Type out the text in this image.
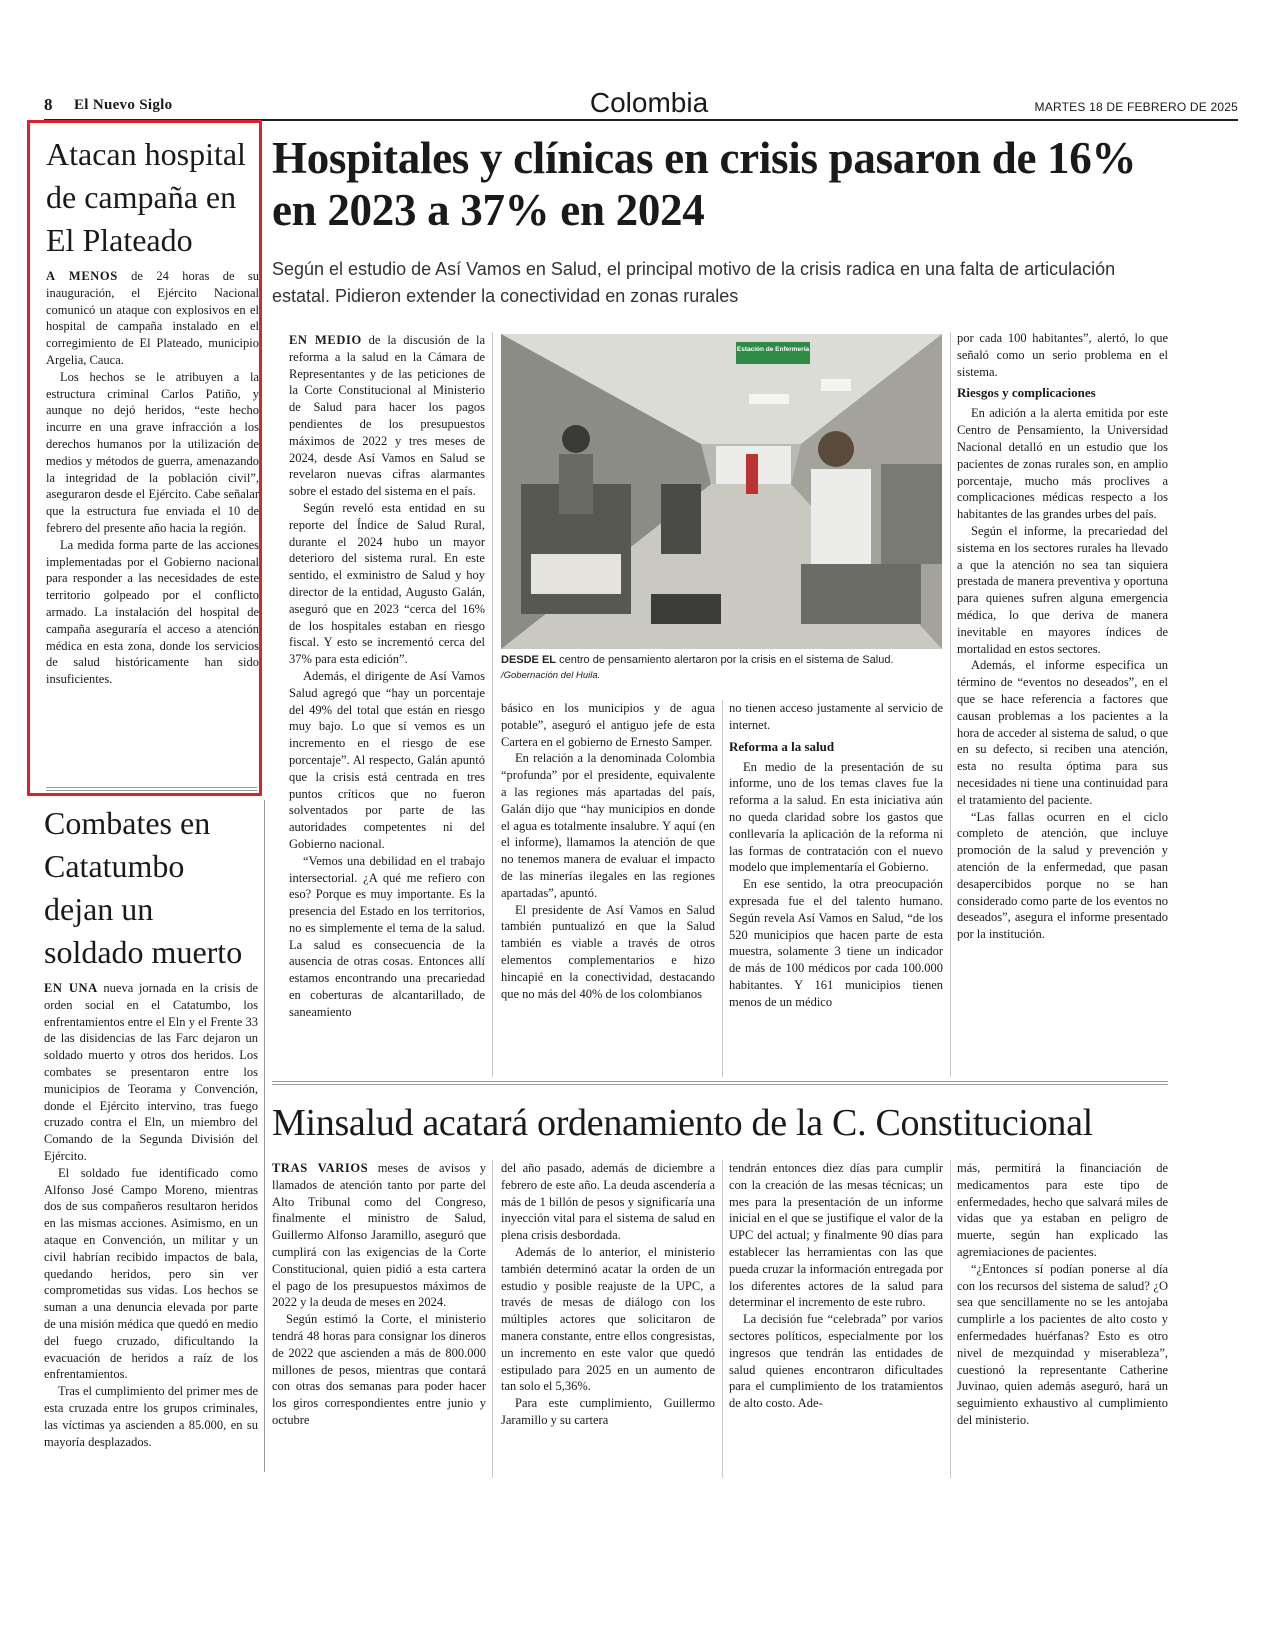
8 El Nuevo Siglo	Colombia	MARTES 18 DE FEBRERO DE 2025
Atacan hospital de campaña en El Plateado

A MENOS de 24 horas de su inauguración, el Ejército Nacional comunicó un ataque con explosivos en el hospital de campaña instalado en el corregimiento de El Plateado, municipio Argelia, Cauca.

Los hechos se le atribuyen a la estructura criminal Carlos Patiño, y aunque no dejó heridos, “este hecho incurre en una grave infracción a los derechos humanos por la utilización de medios y métodos de guerra, amenazando la integridad de la población civil”, aseguraron desde el Ejército. Cabe señalar que la estructura fue enviada el 10 de febrero del presente año hacia la región.

La medida forma parte de las acciones implementadas por el Gobierno nacional para responder a las necesidades de este territorio golpeado por el conflicto armado. La instalación del hospital de campaña aseguraría el acceso a atención médica en esta zona, donde los servicios de salud históricamente han sido insuficientes.

Combates en Catatumbo dejan un soldado muerto

EN UNA nueva jornada en la crisis de orden social en el Catatumbo, los enfrentamientos entre el Eln y el Frente 33 de las disidencias de las Farc dejaron un soldado muerto y otros dos heridos. Los combates se presentaron entre los municipios de Teorama y Convención, donde el Ejército intervino, tras fuego cruzado contra el Eln, un miembro del Comando de la Segunda División del Ejército.

El soldado fue identificado como Alfonso José Campo Moreno, mientras dos de sus compañeros resultaron heridos en las mismas acciones. Asimismo, en un ataque en Convención, un militar y un civil habrían recibido impactos de bala, quedando heridos, pero sin ver comprometidas sus vidas. Los hechos se suman a una denuncia elevada por parte de una misión médica que quedó en medio del fuego cruzado, dificultando la evacuación de heridos a raíz de los enfrentamientos.

Tras el cumplimiento del primer mes de esta cruzada entre los grupos criminales, las víctimas ya ascienden a 85.000, en su mayoría desplazados.

Hospitales y clínicas en crisis pasaron de 16% en 2023 a 37% en 2024
Según el estudio de Así Vamos en Salud, el principal motivo de la crisis radica en una falta de articulación estatal. Pidieron extender la conectividad en zonas rurales

EN MEDIO de la discusión de la reforma a la salud en la Cámara de Representantes y de las peticiones de la Corte Constitucional al Ministerio de Salud para hacer los pagos pendientes de los presupuestos máximos de 2022 y tres meses de 2024, desde Así Vamos en Salud se revelaron nuevas cifras alarmantes sobre el estado del sistema en el país.

Según reveló esta entidad en su reporte del Índice de Salud Rural, durante el 2024 hubo un mayor deterioro del sistema rural. En este sentido, el exministro de Salud y hoy director de la entidad, Augusto Galán, aseguró que en 2023 “cerca del 16% de los hospitales estaban en riesgo fiscal. Y esto se incrementó cerca del 37% para esta edición”.

Además, el dirigente de Así Vamos Salud agregó que “hay un porcentaje del 49% del total que están en riesgo muy bajo. Lo que sí vemos es un incremento en el riesgo de ese porcentaje”. Al respecto, Galán apuntó que la crisis está centrada en tres puntos críticos que no fueron solventados por parte de las autoridades competentes ni del Gobierno nacional.

“Vemos una debilidad en el trabajo intersectorial. ¿A qué me refiero con eso? Porque es muy importante. Es la presencia del Estado en los territorios, no es simplemente el tema de la salud. La salud es consecuencia de la ausencia de otras cosas. Entonces allí estamos encontrando una precariedad en coberturas de alcantarillado, de saneamiento

Estación de Enfermería
DESDE EL centro de pensamiento alertaron por la crisis en el sistema de Salud.
/Gobernación del Huila.

básico en los municipios y de agua potable”, aseguró el antiguo jefe de esta Cartera en el gobierno de Ernesto Samper.

En relación a la denominada Colombia “profunda” por el presidente, equivalente a las regiones más apartadas del país, Galán dijo que “hay municipios en donde el agua es totalmente insalubre. Y aquí (en el informe), llamamos la atención de que no tenemos manera de evaluar el impacto de las minerías ilegales en las regiones apartadas”, apuntó.

El presidente de Así Vamos en Salud también puntualizó en que la Salud también es viable a través de otros elementos complementarios e hizo hincapié en la conectividad, destacando que no más del 40% de los colombianos

no tienen acceso justamente al servicio de internet.

Reforma a la salud

En medio de la presentación de su informe, uno de los temas claves fue la reforma a la salud. En esta iniciativa aún no queda claridad sobre los gastos que conllevaría la aplicación de la reforma ni las formas de contratación con el nuevo modelo que implementaría el Gobierno.

En ese sentido, la otra preocupación expresada fue el del talento humano. Según revela Así Vamos en Salud, “de los 520 municipios que hacen parte de esta muestra, solamente 3 tiene un indicador de más de 100 médicos por cada 100.000 habitantes. Y 161 municipios tienen menos de un médico

por cada 100 habitantes”, alertó, lo que señaló como un serio problema en el sistema.

Riesgos y complicaciones

En adición a la alerta emitida por este Centro de Pensamiento, la Universidad Nacional detalló en un estudio que los pacientes de zonas rurales son, en amplio porcentaje, mucho más proclives a complicaciones médicas respecto a los habitantes de las grandes urbes del país.

Según el informe, la precariedad del sistema en los sectores rurales ha llevado a que la atención no sea tan siquiera prestada de manera preventiva y oportuna para quienes sufren alguna emergencia médica, lo que deriva de manera inevitable en mayores índices de mortalidad en estos sectores.

Además, el informe especifica un término de “eventos no deseados”, en el que se hace referencia a factores que causan problemas a los pacientes a la hora de acceder al sistema de salud, o que en su defecto, si reciben una atención, esta no resulta óptima para sus necesidades ni tiene una continuidad para el tratamiento del paciente.

“Las fallas ocurren en el ciclo completo de atención, que incluye promoción de la salud y prevención y atención de la enfermedad, que pasan desapercibidos porque no se han considerado como parte de los eventos no deseados”, asegura el informe presentado por la institución.

Minsalud acatará ordenamiento de la C. Constitucional

TRAS VARIOS meses de avisos y llamados de atención tanto por parte del Alto Tribunal como del Congreso, finalmente el ministro de Salud, Guillermo Alfonso Jaramillo, aseguró que cumplirá con las exigencias de la Corte Constitucional, quien pidió a esta cartera el pago de los presupuestos máximos de 2022 y la deuda de meses en 2024.

Según estimó la Corte, el ministerio tendrá 48 horas para consignar los dineros de 2022 que ascienden a más de 800.000 millones de pesos, mientras que contará con otras dos semanas para poder hacer los giros correspondientes entre junio y octubre

del año pasado, además de diciembre a febrero de este año. La deuda ascendería a más de 1 billón de pesos y significaría una inyección vital para el sistema de salud en plena crisis desbordada.

Además de lo anterior, el ministerio también determinó acatar la orden de un estudio y posible reajuste de la UPC, a través de mesas de diálogo con los múltiples actores que solicitaron de manera constante, entre ellos congresistas, un incremento en este valor que quedó estipulado para 2025 en un aumento de tan solo el 5,36%.

Para este cumplimiento, Guillermo Jaramillo y su cartera

tendrán entonces diez días para cumplir con la creación de las mesas técnicas; un mes para la presentación de un informe inicial en el que se justifique el valor de la UPC del actual; y finalmente 90 días para establecer las herramientas con las que pueda cruzar la información entregada por los diferentes actores de la salud para determinar el incremento de este rubro.

La decisión fue “celebrada” por varios sectores políticos, especialmente por los ingresos que tendrán las entidades de salud quienes encontraron dificultades para el cumplimiento de los tratamientos de alto costo. Ade-

más, permitirá la financiación de medicamentos para este tipo de enfermedades, hecho que salvará miles de vidas que ya estaban en peligro de muerte, según han explicado las agremiaciones de pacientes.

“¿Entonces sí podían ponerse al día con los recursos del sistema de salud? ¿O sea que sencillamente no se les antojaba cumplirle a los pacientes de alto costo y enfermedades huérfanas? Esto es otro nivel de mezquindad y miserableza”, cuestionó la representante Catherine Juvinao, quien además aseguró, hará un seguimiento exhaustivo al cumplimiento del ministerio.
